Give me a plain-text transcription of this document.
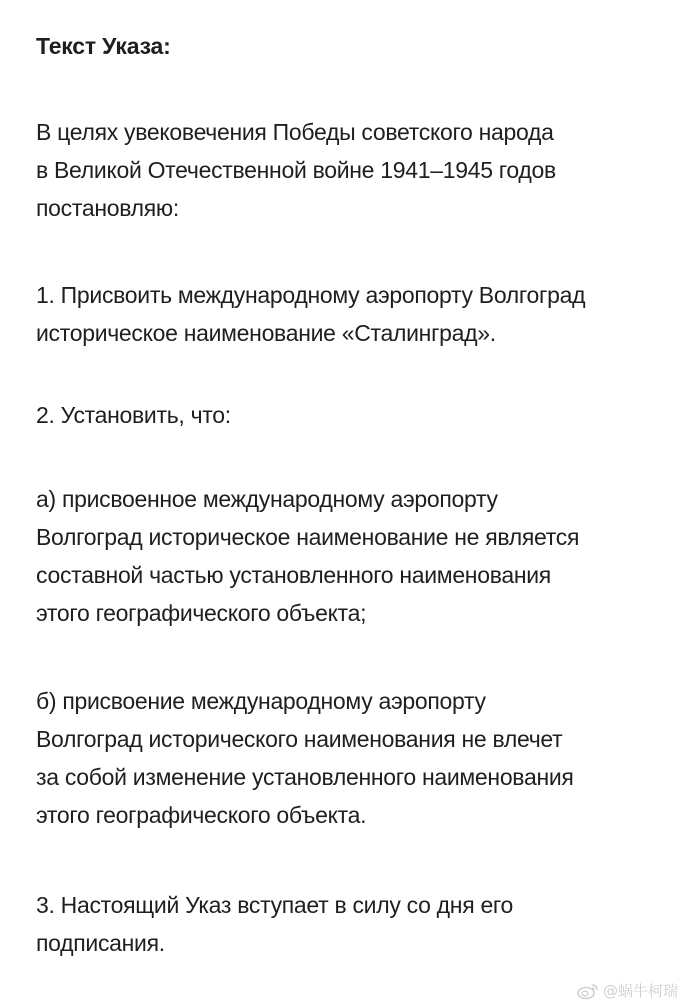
Текст Указа:
В целях увековечения Победы советского народа
в Великой Отечественной войне 1941–1945 годов
постановляю:
1. Присвоить международному аэропорту Волгоград
историческое наименование «Сталинград».
2. Установить, что:
а) присвоенное международному аэропорту
Волгоград историческое наименование не является
составной частью установленного наименования
этого географического объекта;
б) присвоение международному аэропорту
Волгоград исторического наименования не влечет
за собой изменение установленного наименования
этого географического объекта.
3. Настоящий Указ вступает в силу со дня его
подписания.
@蜗牛柯瑞
